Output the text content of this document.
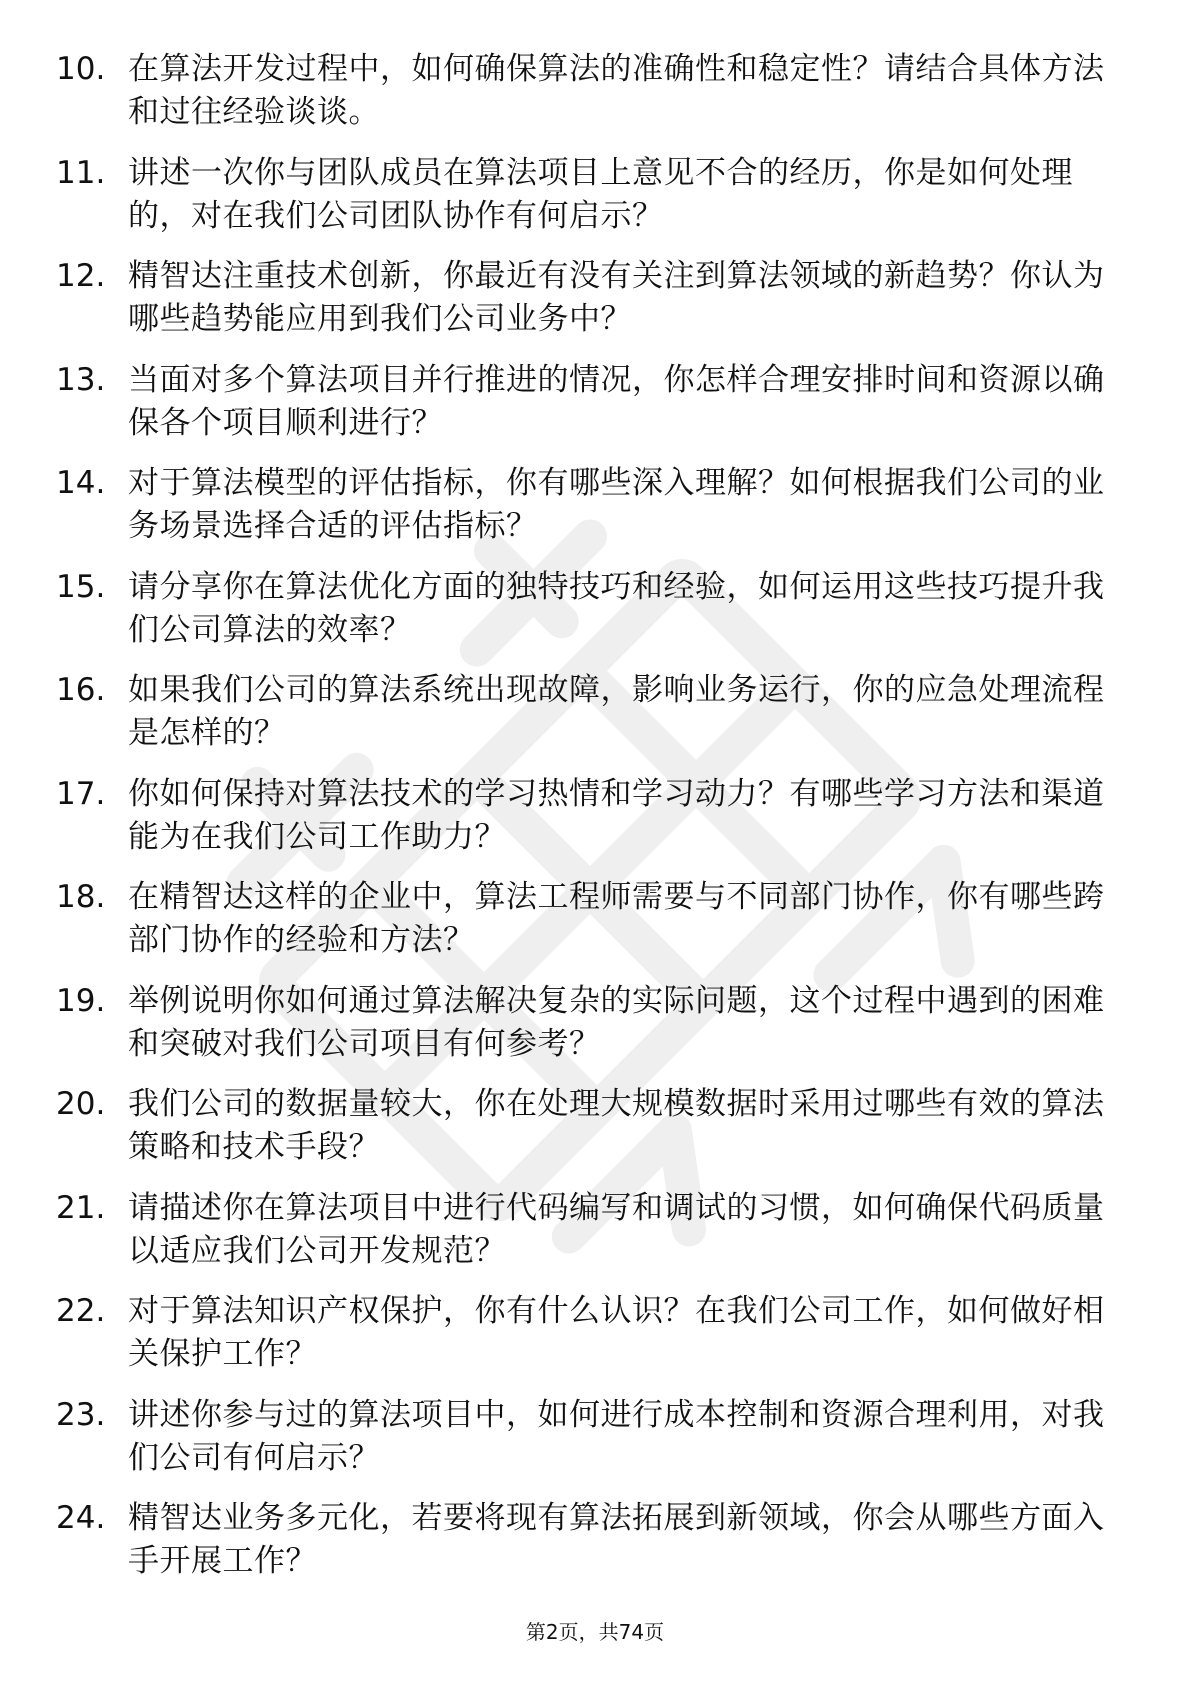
10. 在算法开发过程中，如何确保算法的准确性和稳定性？请结合具体方法和过往经验谈谈。
11. 讲述一次你与团队成员在算法项目上意见不合的经历，你是如何处理的，对在我们公司团队协作有何启示？
12. 精智达注重技术创新，你最近有没有关注到算法领域的新趋势？你认为哪些趋势能应用到我们公司业务中？
13. 当面对多个算法项目并行推进的情况，你怎样合理安排时间和资源以确保各个项目顺利进行？
14. 对于算法模型的评估指标，你有哪些深入理解？如何根据我们公司的业务场景选择合适的评估指标？
15. 请分享你在算法优化方面的独特技巧和经验，如何运用这些技巧提升我们公司算法的效率？
16. 如果我们公司的算法系统出现故障，影响业务运行，你的应急处理流程是怎样的？
17. 你如何保持对算法技术的学习热情和学习动力？有哪些学习方法和渠道能为在我们公司工作助力？
18. 在精智达这样的企业中，算法工程师需要与不同部门协作，你有哪些跨部门协作的经验和方法？
19. 举例说明你如何通过算法解决复杂的实际问题，这个过程中遇到的困难和突破对我们公司项目有何参考？
20. 我们公司的数据量较大，你在处理大规模数据时采用过哪些有效的算法策略和技术手段？
21. 请描述你在算法项目中进行代码编写和调试的习惯，如何确保代码质量以适应我们公司开发规范？
22. 对于算法知识产权保护，你有什么认识？在我们公司工作，如何做好相关保护工作？
23. 讲述你参与过的算法项目中，如何进行成本控制和资源合理利用，对我们公司有何启示？
24. 精智达业务多元化，若要将现有算法拓展到新领域，你会从哪些方面入手开展工作？
第2页，共74页
